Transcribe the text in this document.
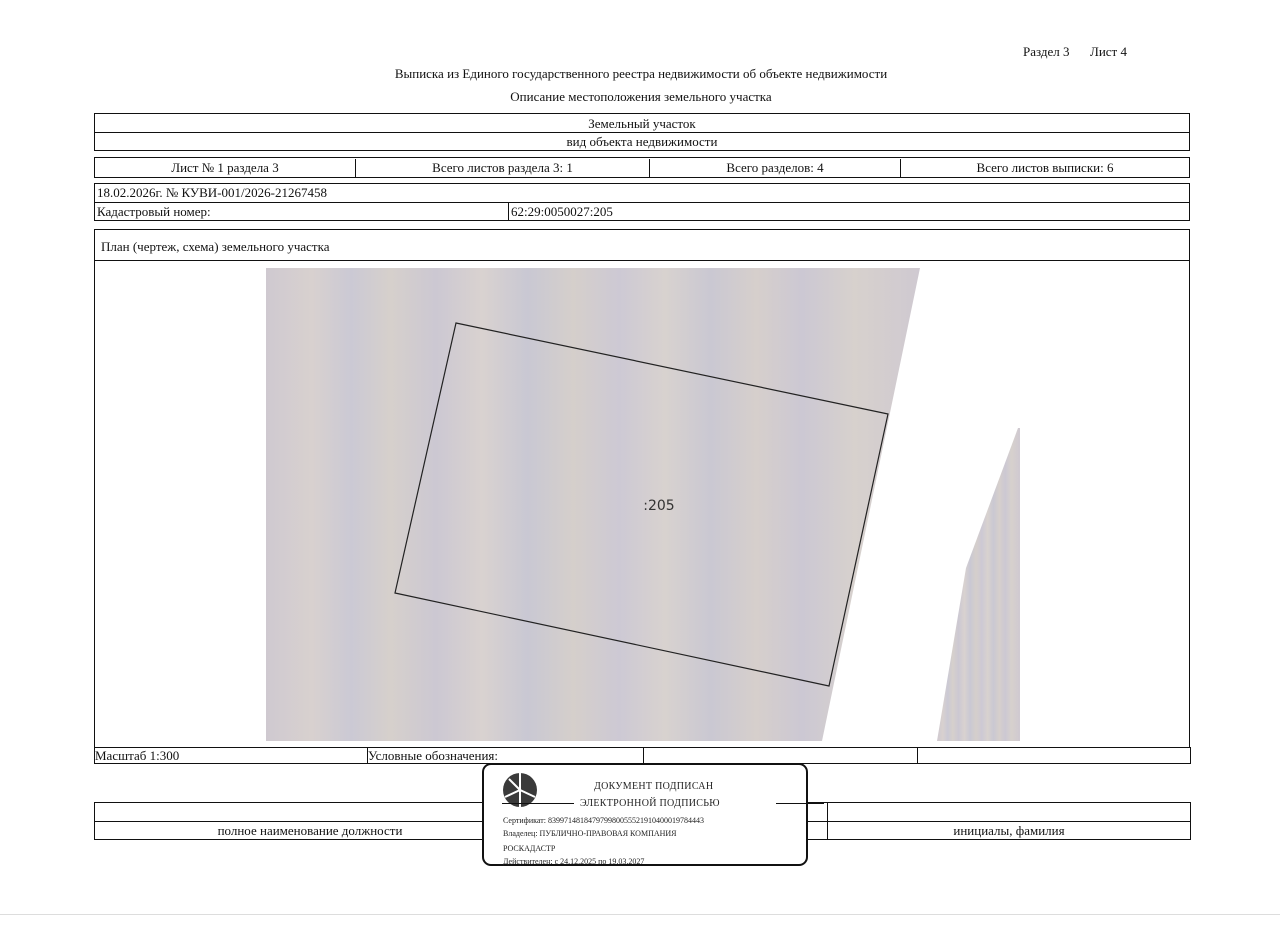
Раздел 3 Лист 4
Выписка из Единого государственного реестра недвижимости об объекте недвижимости
Описание местоположения земельного участка
Земельный участок
вид объекта недвижимости
Лист № 1 раздела 3	Всего листов раздела 3: 1	Всего разделов: 4	Всего листов выписки: 6
18.02.2026г. № КУВИ-001/2026-21267458
Кадастровый номер:	62:29:0050027:205
План (чертеж, схема) земельного участка
:205
Масштаб 1:300	Условные обозначения:
полное наименование должности	инициалы, фамилия
ДОКУМЕНТ ПОДПИСАН
ЭЛЕКТРОННОЙ ПОДПИСЬЮ
Сертификат: 839971481847979980055521910400019784443
Владелец: ПУБЛИЧНО-ПРАВОВАЯ КОМПАНИЯ
РОСКАДАСТР
Действителен: с 24.12.2025 по 19.03.2027
